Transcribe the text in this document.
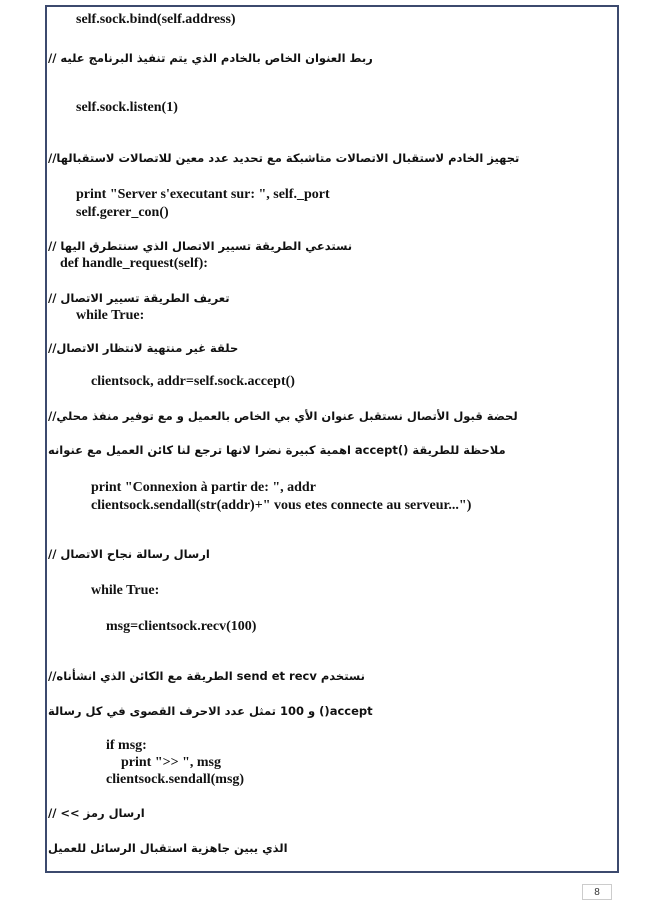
self.sock.bind(self.address)
ربط العنوان الخاص بالخادم الذي يتم تنفيذ البرنامج عليه //
self.sock.listen(1)
تجهيز الخادم لاستقبال الاتصالات متاشبكة مع تحديد عدد معين للاتصالات لاستقبالها//
print "Server s'executant sur: ", self._port
self.gerer_con()
نستدعي الطريقة تسيير الاتصال الذي سنتطرق اليها //
def handle_request(self):
تعريف الطريقة تسيير الاتصال //
while True:
حلقة غير منتهية لانتظار الاتصال//
clientsock, addr=self.sock.accept()
لحضة قبول الأتصال نستقبل عنوان الأي بي الخاص بالعميل و مع توفير منفذ محلي//
ملاحظة للطريقة ()accept اهمية كبيرة نضرا لانها ترجع لنا كائن العميل مع عنوانه
print "Connexion à partir de: ", addr
clientsock.sendall(str(addr)+" vous etes connecte au serveur...")
ارسال رسالة نجاح الاتصال //
while True:
msg=clientsock.recv(100)
نستخدم send et recv الطريقة مع الكائن الذي انشأناه//
accept() و 100 تمثل عدد الاحرف القصوى في كل رسالة
if msg:
print ">> ", msg
clientsock.sendall(msg)
ارسال رمز >> //
الذي يبين جاهزية استقبال الرسائل للعميل
8
